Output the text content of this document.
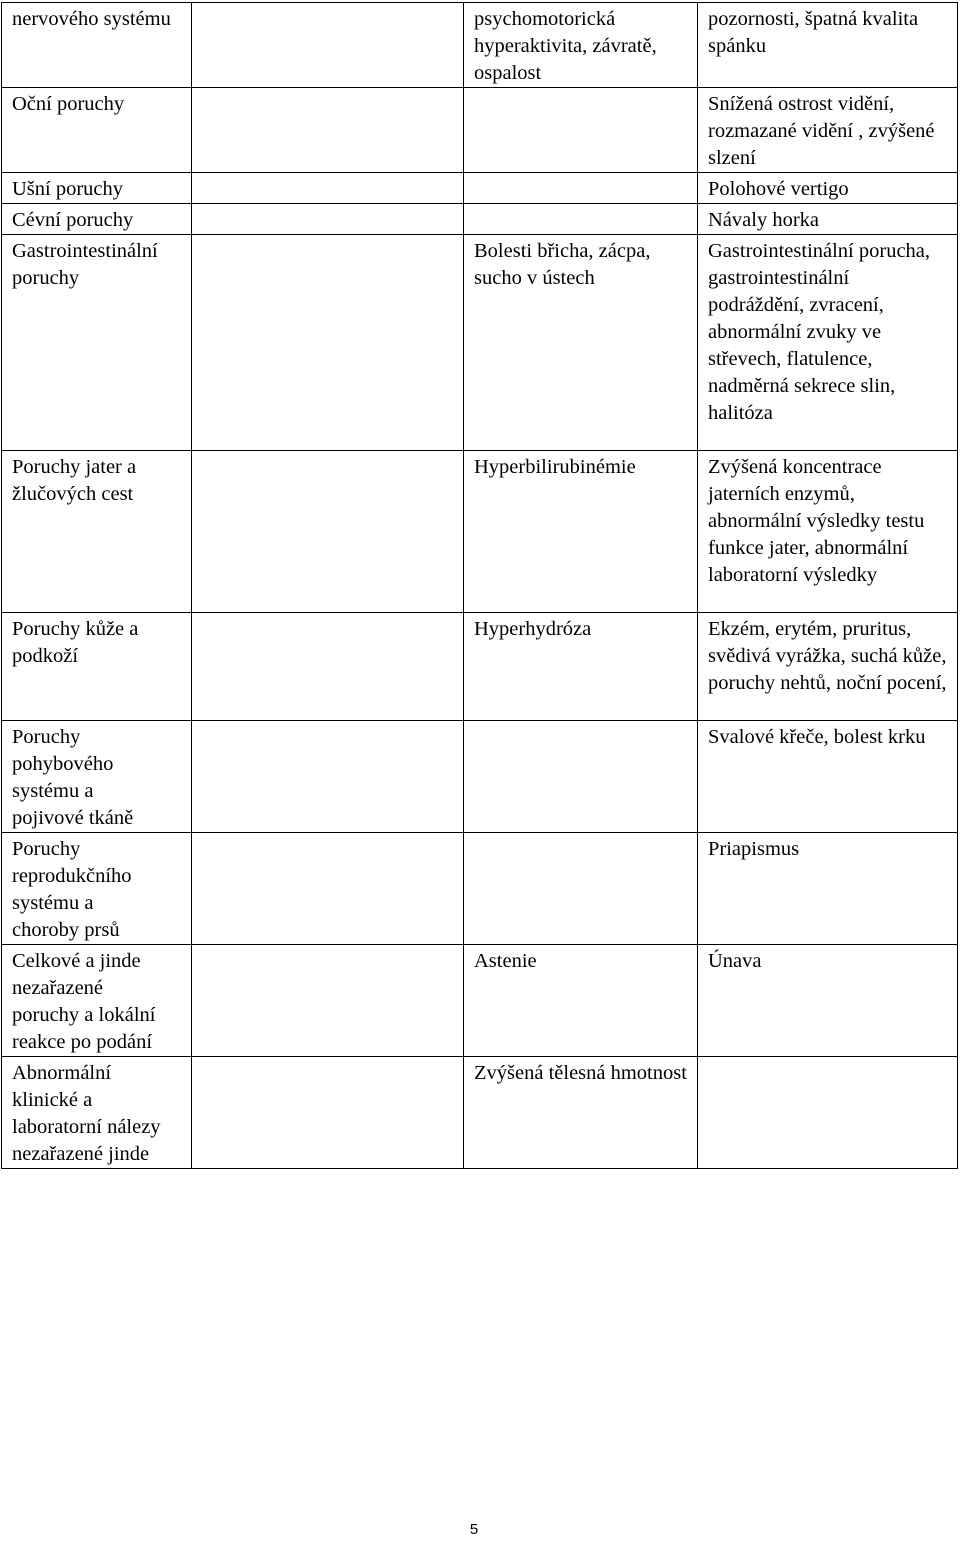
nervového systému		psychomotorická hyperaktivita, závratě, ospalost	pozornosti, špatná kvalita spánku
Oční poruchy			Snížená ostrost vidění, rozmazané vidění , zvýšené slzení
Ušní poruchy			Polohové vertigo
Cévní poruchy			Návaly horka
Gastrointestinální poruchy		Bolesti břicha, zácpa, sucho v ústech	Gastrointestinální porucha, gastrointestinální podráždění, zvracení, abnormální zvuky ve střevech, flatulence, nadměrná sekrece slin, halitóza
Poruchy jater a žlučových cest		Hyperbilirubinémie	Zvýšená koncentrace jaterních enzymů, abnormální výsledky testu funkce jater, abnormální laboratorní výsledky
Poruchy kůže a podkoží		Hyperhydróza	Ekzém, erytém, pruritus, svědivá vyrážka, suchá kůže, poruchy nehtů, noční pocení,
Poruchy
pohybového
systému a
pojivové tkáně			Svalové křeče, bolest krku
Poruchy
reprodukčního
systému a
choroby prsů			Priapismus
Celkové a jinde
nezařazené
poruchy a lokální
reakce po podání		Astenie	Únava
Abnormální
klinické a
laboratorní nálezy
nezařazené jinde		Zvýšená tělesná hmotnost	
5
